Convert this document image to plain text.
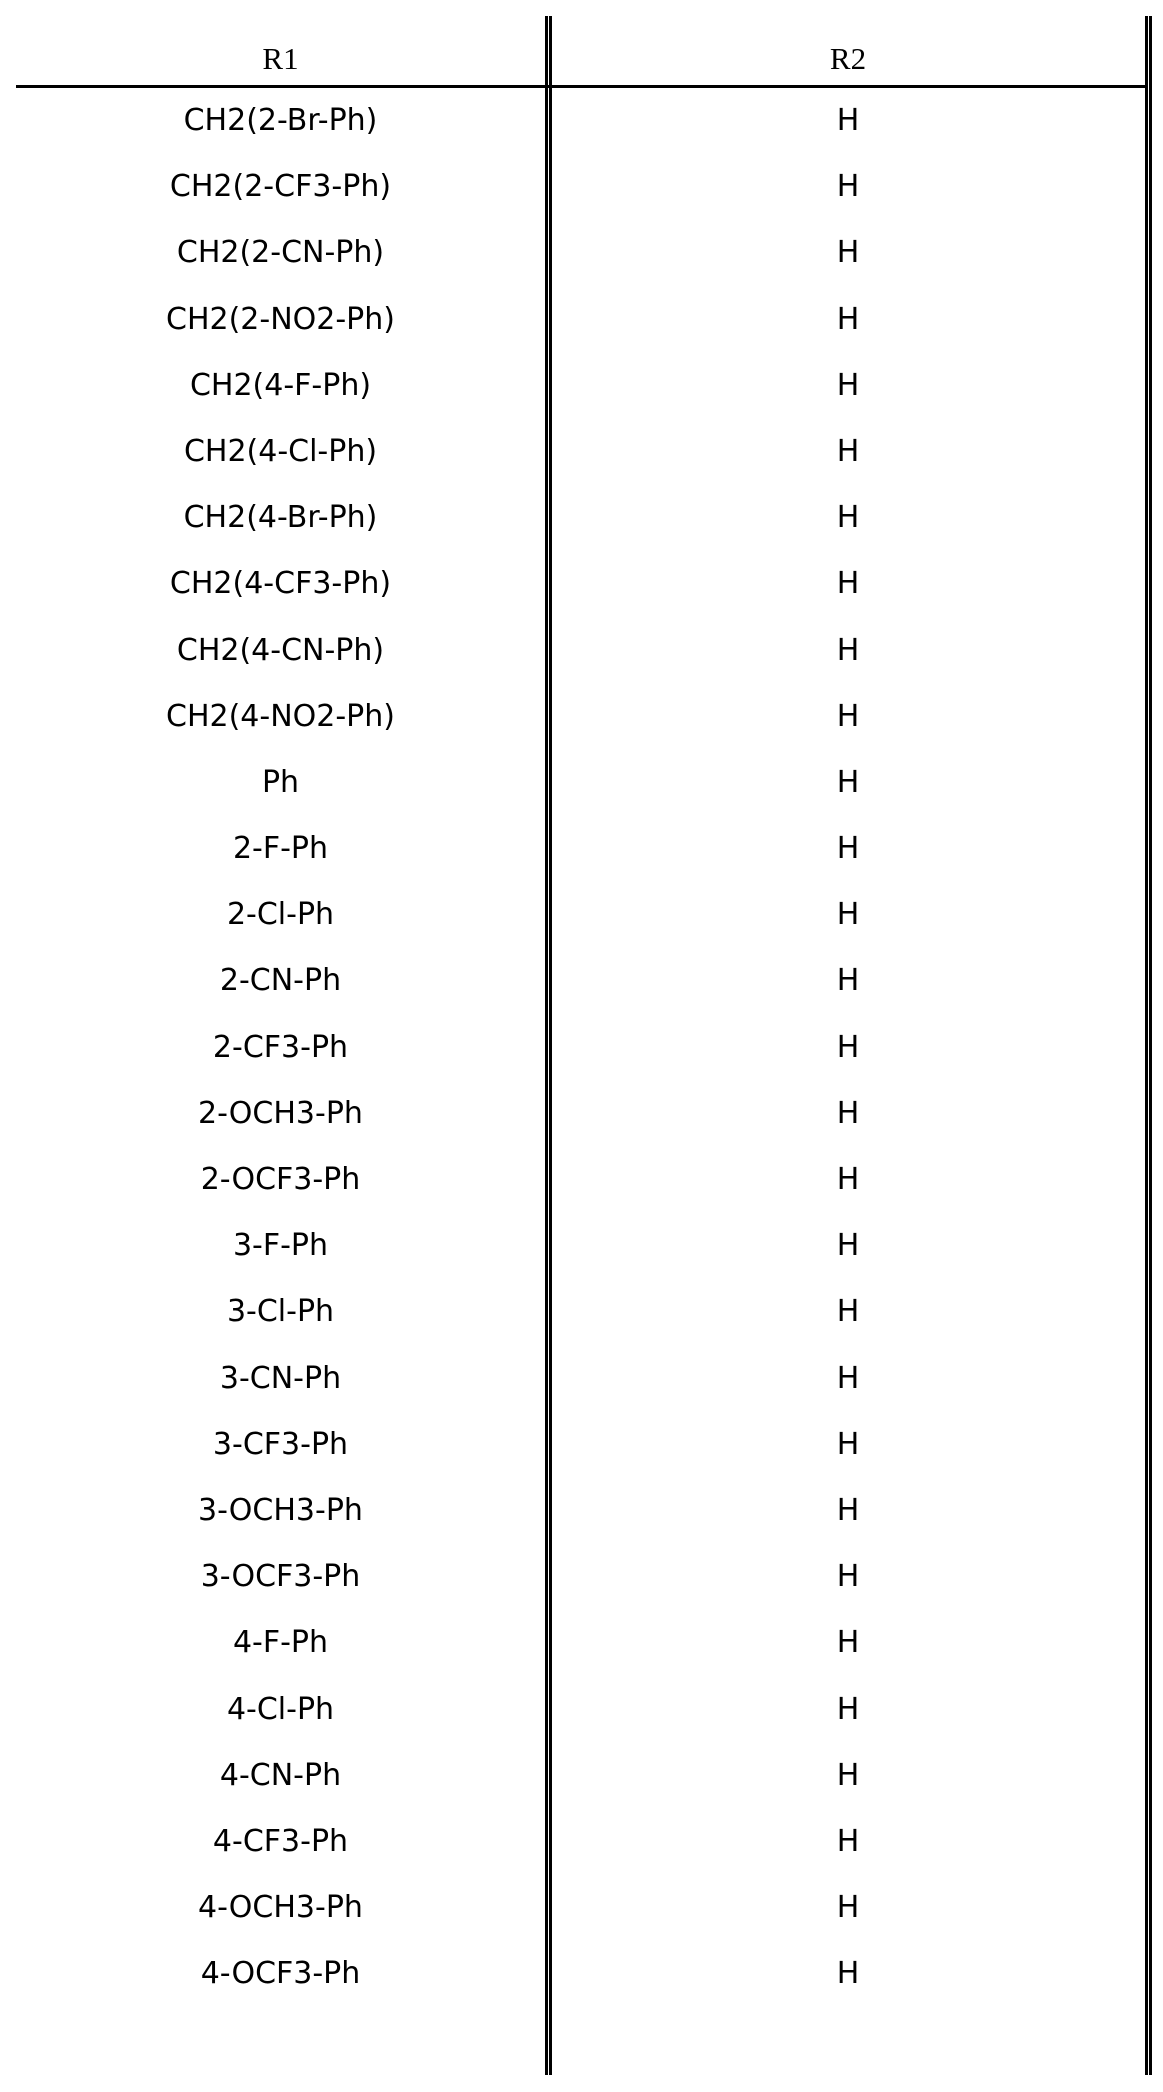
R1	R2
CH2(2-Br-Ph)	H
CH2(2-CF3-Ph)	H
CH2(2-CN-Ph)	H
CH2(2-NO2-Ph)	H
CH2(4-F-Ph)	H
CH2(4-Cl-Ph)	H
CH2(4-Br-Ph)	H
CH2(4-CF3-Ph)	H
CH2(4-CN-Ph)	H
CH2(4-NO2-Ph)	H
Ph	H
2-F-Ph	H
2-Cl-Ph	H
2-CN-Ph	H
2-CF3-Ph	H
2-OCH3-Ph	H
2-OCF3-Ph	H
3-F-Ph	H
3-Cl-Ph	H
3-CN-Ph	H
3-CF3-Ph	H
3-OCH3-Ph	H
3-OCF3-Ph	H
4-F-Ph	H
4-Cl-Ph	H
4-CN-Ph	H
4-CF3-Ph	H
4-OCH3-Ph	H
4-OCF3-Ph	H
